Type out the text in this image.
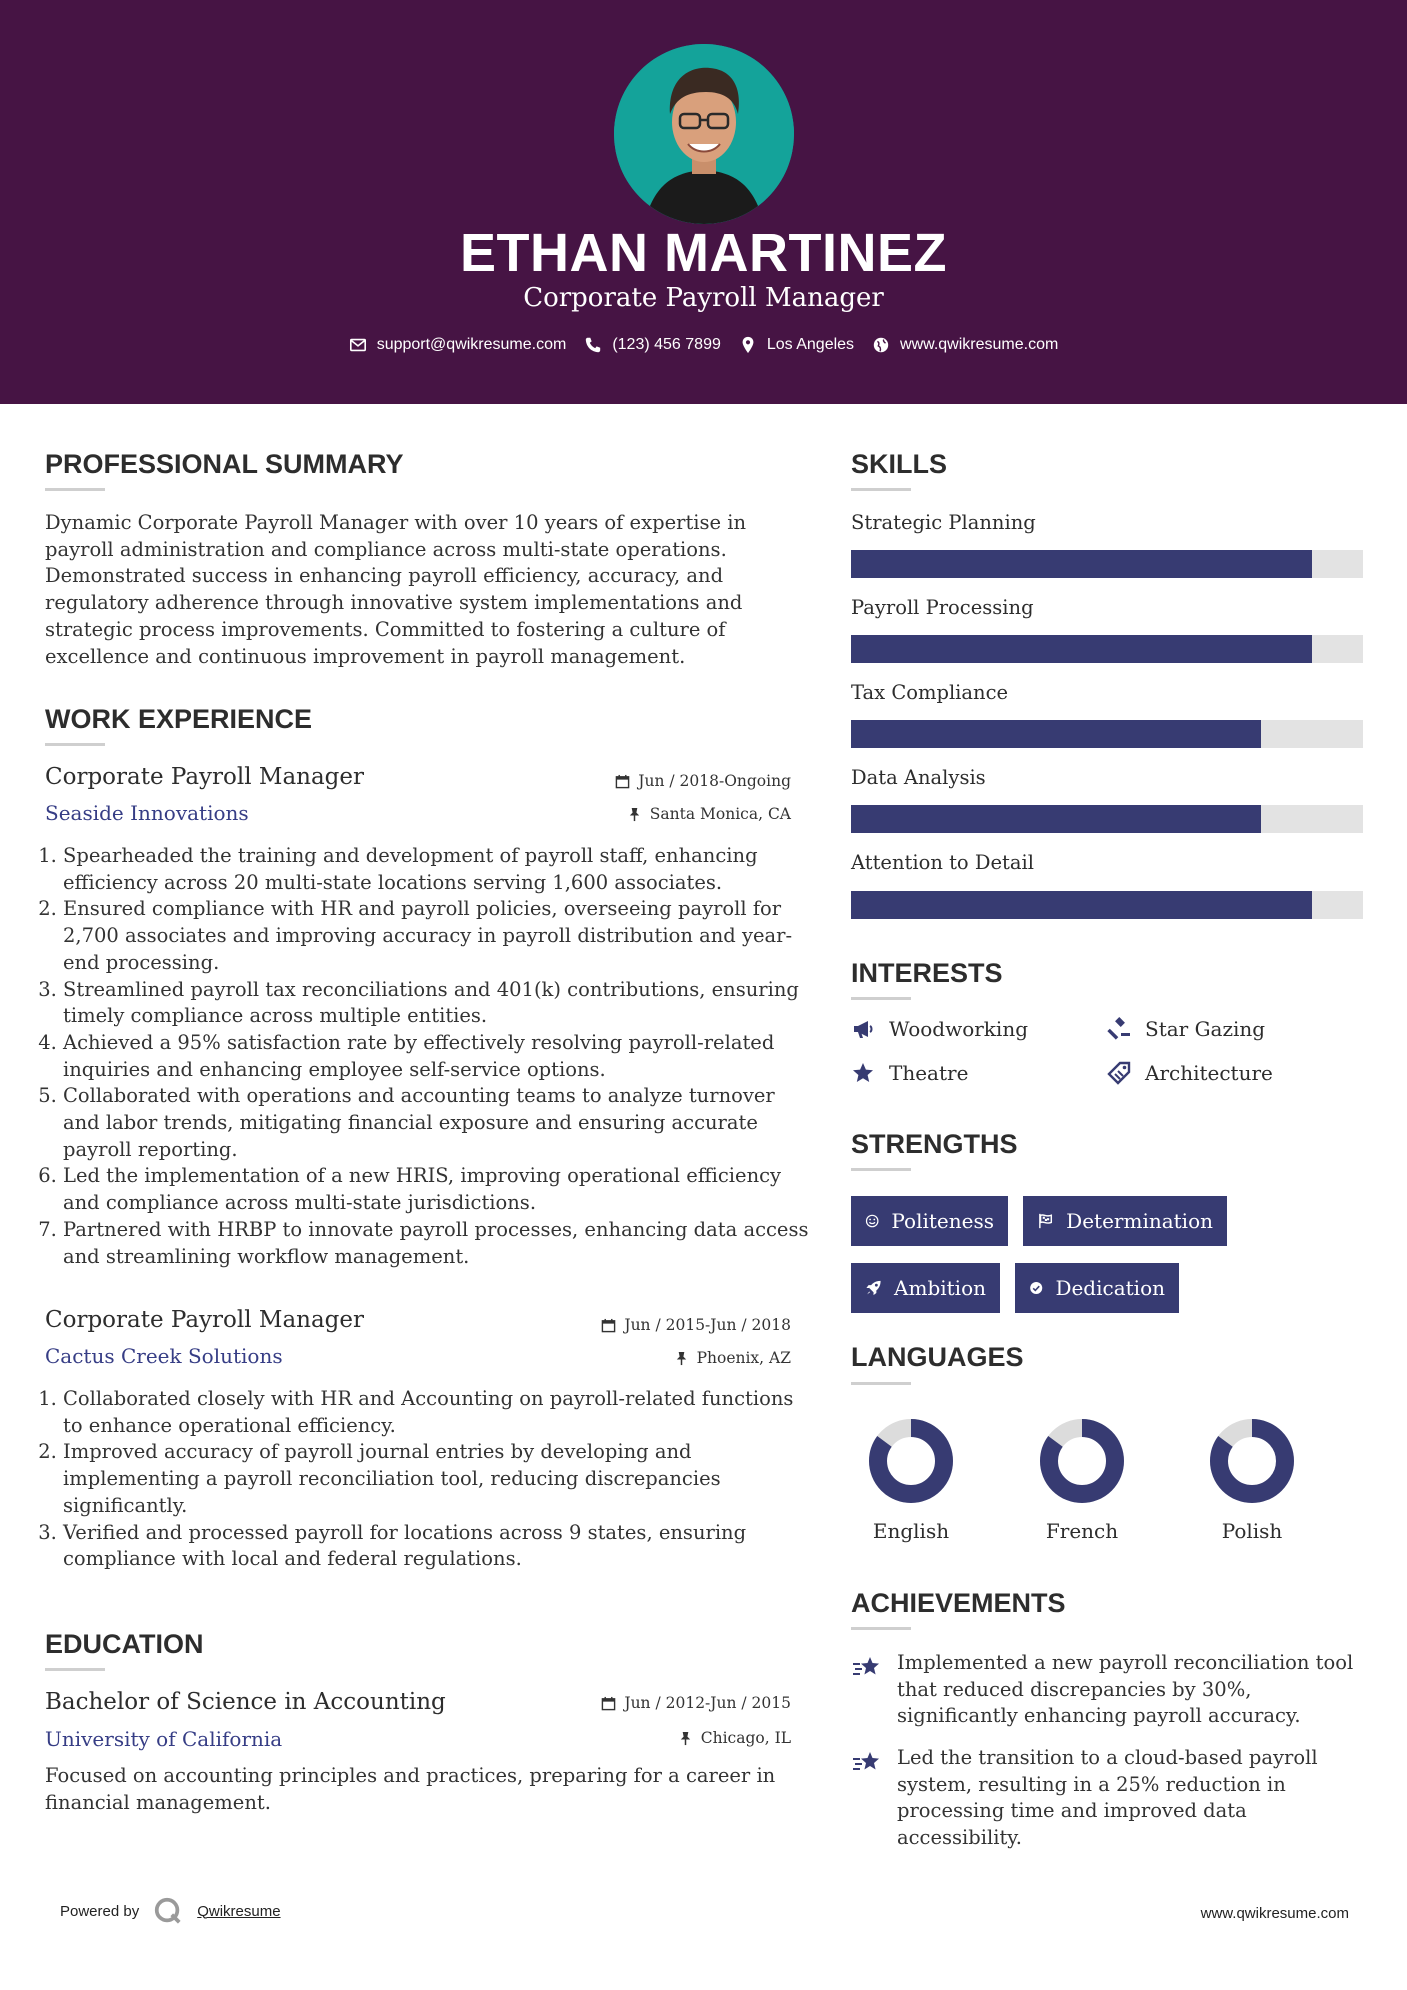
ETHAN MARTINEZ
Corporate Payroll Manager
support@qwikresume.com	(123) 456 7899	Los Angeles	www.qwikresume.com
PROFESSIONAL SUMMARY
Dynamic Corporate Payroll Manager with over 10 years of expertise in payroll administration and compliance across multi-state operations. Demonstrated success in enhancing payroll efficiency, accuracy, and regulatory adherence through innovative system implementations and strategic process improvements. Committed to fostering a culture of excellence and continuous improvement in payroll management.
WORK EXPERIENCE
Corporate Payroll Manager
Seaside Innovations
Jun / 2018-Ongoing
Santa Monica, CA
1. Spearheaded the training and development of payroll staff, enhancing efficiency across 20 multi-state locations serving 1,600 associates.
2. Ensured compliance with HR and payroll policies, overseeing payroll for 2,700 associates and improving accuracy in payroll distribution and year-end processing.
3. Streamlined payroll tax reconciliations and 401(k) contributions, ensuring timely compliance across multiple entities.
4. Achieved a 95% satisfaction rate by effectively resolving payroll-related inquiries and enhancing employee self-service options.
5. Collaborated with operations and accounting teams to analyze turnover and labor trends, mitigating financial exposure and ensuring accurate payroll reporting.
6. Led the implementation of a new HRIS, improving operational efficiency and compliance across multi-state jurisdictions.
7. Partnered with HRBP to innovate payroll processes, enhancing data access and streamlining workflow management.
Corporate Payroll Manager
Cactus Creek Solutions
Jun / 2015-Jun / 2018
Phoenix, AZ
1. Collaborated closely with HR and Accounting on payroll-related functions to enhance operational efficiency.
2. Improved accuracy of payroll journal entries by developing and implementing a payroll reconciliation tool, reducing discrepancies significantly.
3. Verified and processed payroll for locations across 9 states, ensuring compliance with local and federal regulations.
EDUCATION
Bachelor of Science in Accounting
University of California
Jun / 2012-Jun / 2015
Chicago, IL
Focused on accounting principles and practices, preparing for a career in financial management.
SKILLS
Strategic Planning
Payroll Processing
Tax Compliance
Data Analysis
Attention to Detail
INTERESTS
Woodworking	Star Gazing
Theatre	Architecture
STRENGTHS
Politeness	Determination
Ambition	Dedication
LANGUAGES
English	French	Polish
ACHIEVEMENTS
Implemented a new payroll reconciliation tool that reduced discrepancies by 30%, significantly enhancing payroll accuracy.
Led the transition to a cloud-based payroll system, resulting in a 25% reduction in processing time and improved data accessibility.
Powered by	Qwikresume	www.qwikresume.com
